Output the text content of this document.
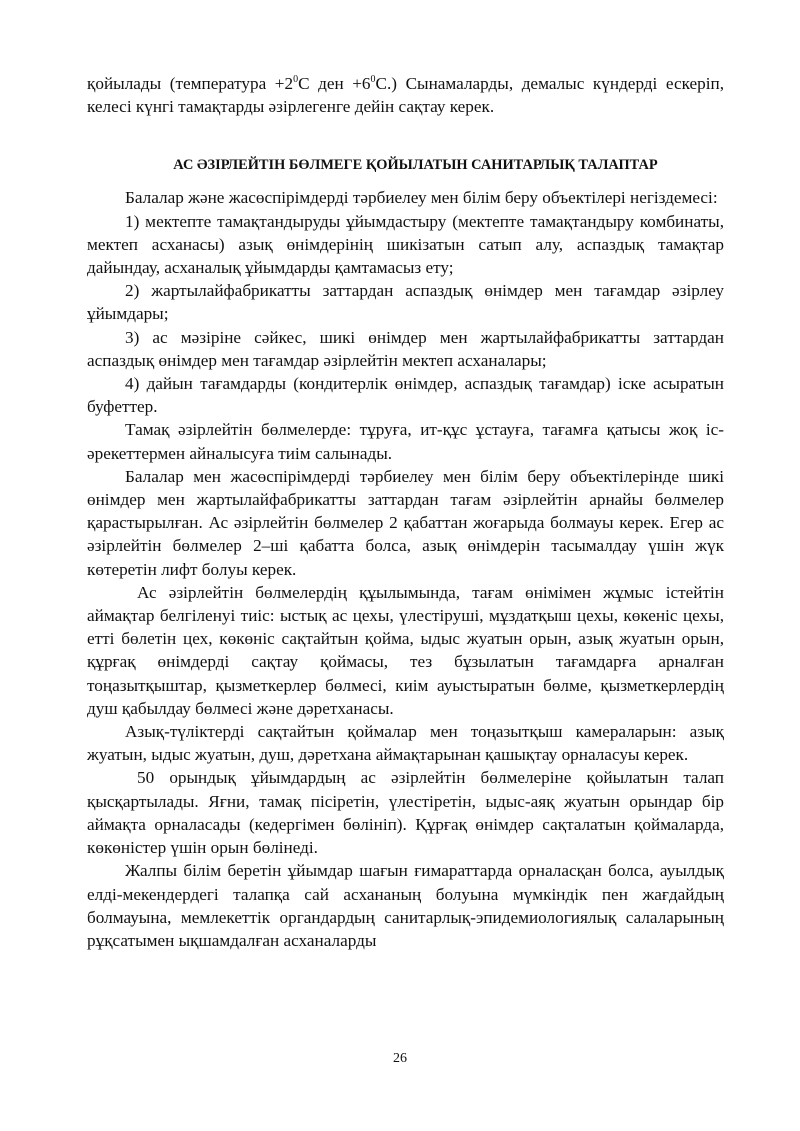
қойылады (температура $+2^0С$ ден $+6^0С$.) Сынамаларды, демалыс күндерді ескеріп, келесі күнгі тамақтарды әзірлегенге дейін сақтау керек.

АС ӘЗІРЛЕЙТІН БӨЛМЕГЕ ҚОЙЫЛАТЫН САНИТАРЛЫҚ ТАЛАПТАР

Балалар және жасөспірімдерді тәрбиелеу мен білім беру объектілері негіздемесі:

1) мектепте тамақтандыруды ұйымдастыру (мектепте тамақтандыру комбинаты, мектеп асханасы) азық өнімдерінің шикізатын сатып алу, аспаздық тамақтар дайындау, асханалық ұйымдарды қамтамасыз ету;

2) жартылайфабрикатты заттардан аспаздық өнімдер мен тағамдар әзірлеу ұйымдары;

3) ас мәзіріне сәйкес, шикі өнімдер мен жартылайфабрикатты заттардан аспаздық өнімдер мен тағамдар әзірлейтін мектеп асханалары;

4) дайын тағамдарды (кондитерлік өнімдер, аспаздық тағамдар) іске асыратын буфеттер.

Тамақ әзірлейтін бөлмелерде: тұруға, ит-құс ұстауға, тағамға қатысы жоқ іс-әрекеттермен айналысуға тиім салынады.

Балалар мен жасөспірімдерді тәрбиелеу мен білім беру объектілерінде шикі өнімдер мен жартылайфабрикатты заттардан тағам әзірлейтін арнайы бөлмелер қарастырылған. Ас әзірлейтін бөлмелер 2 қабаттан жоғарыда болмауы керек. Егер ас әзірлейтін бөлмелер 2–ші қабатта болса, азық өнімдерін тасымалдау үшін жүк көтеретін лифт болуы керек.

Ас әзірлейтін бөлмелердің құылымында, тағам өнімімен жұмыс істейтін аймақтар белгіленуі тиіс: ыстық ас цехы, үлестіруші, мұздатқыш цехы, көкеніс цехы, етті бөлетін цех, көкөніс сақтайтын қойма, ыдыс жуатын орын, азық жуатын орын, құрғақ өнімдерді сақтау қоймасы, тез бұзылатын тағамдарға арналған тоңазытқыштар, қызметкерлер бөлмесі, киім ауыстыратын бөлме, қызметкерлердің душ қабылдау бөлмесі және дәретханасы.

Азық-түліктерді сақтайтын қоймалар мен тоңазытқыш камераларын: азық жуатын, ыдыс жуатын, душ, дәретхана аймақтарынан қашықтау орналасуы керек.

50 орындық ұйымдардың ас әзірлейтін бөлмелеріне қойылатын талап қысқартылады. Яғни, тамақ пісіретін, үлестіретін, ыдыс-аяқ жуатын орындар бір аймақта орналасады (кедергімен бөлініп). Құрғақ өнімдер сақталатын қоймаларда, көкөністер үшін орын бөлінеді.

Жалпы білім беретін ұйымдар шағын ғимараттарда орналасқан болса, ауылдық елді-мекендердегі талапқа сай асхананың болуына мүмкіндік пен жағдайдың болмауына, мемлекеттік органдардың санитарлық-эпидемиологиялық салаларының рұқсатымен ықшамдалған асханаларды

26
